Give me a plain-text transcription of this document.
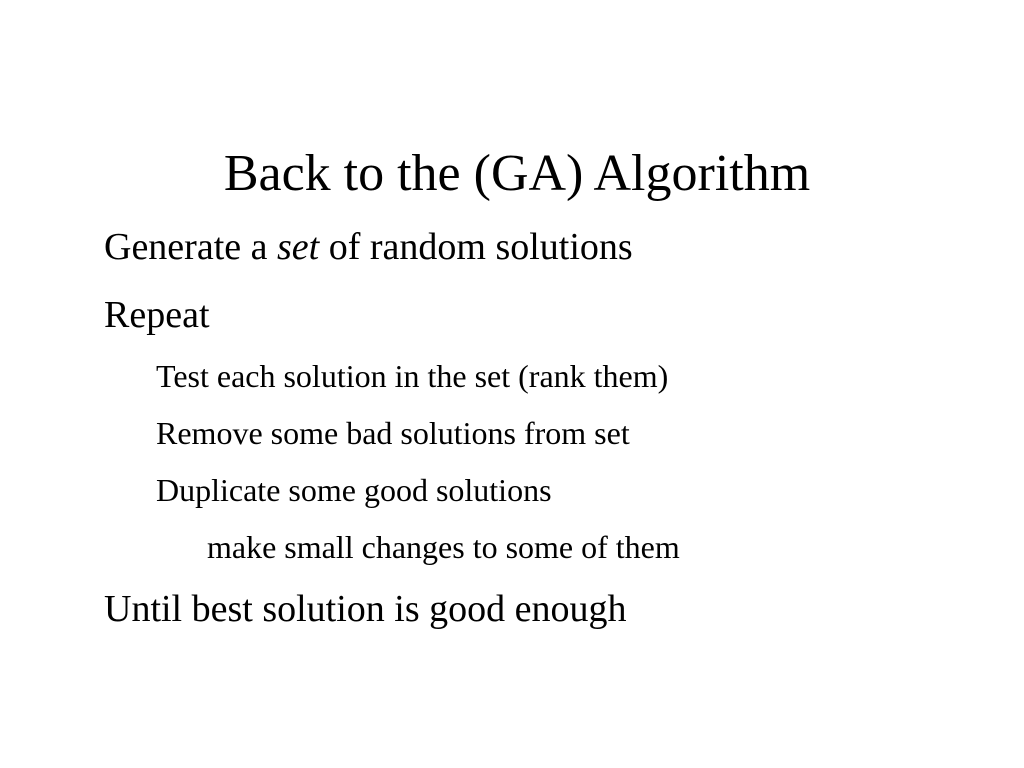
Back to the (GA) Algorithm
Generate a set of random solutions
Repeat
Test each solution in the set (rank them)
Remove some bad solutions from set
Duplicate some good solutions
make small changes to some of them
Until best solution is good enough
